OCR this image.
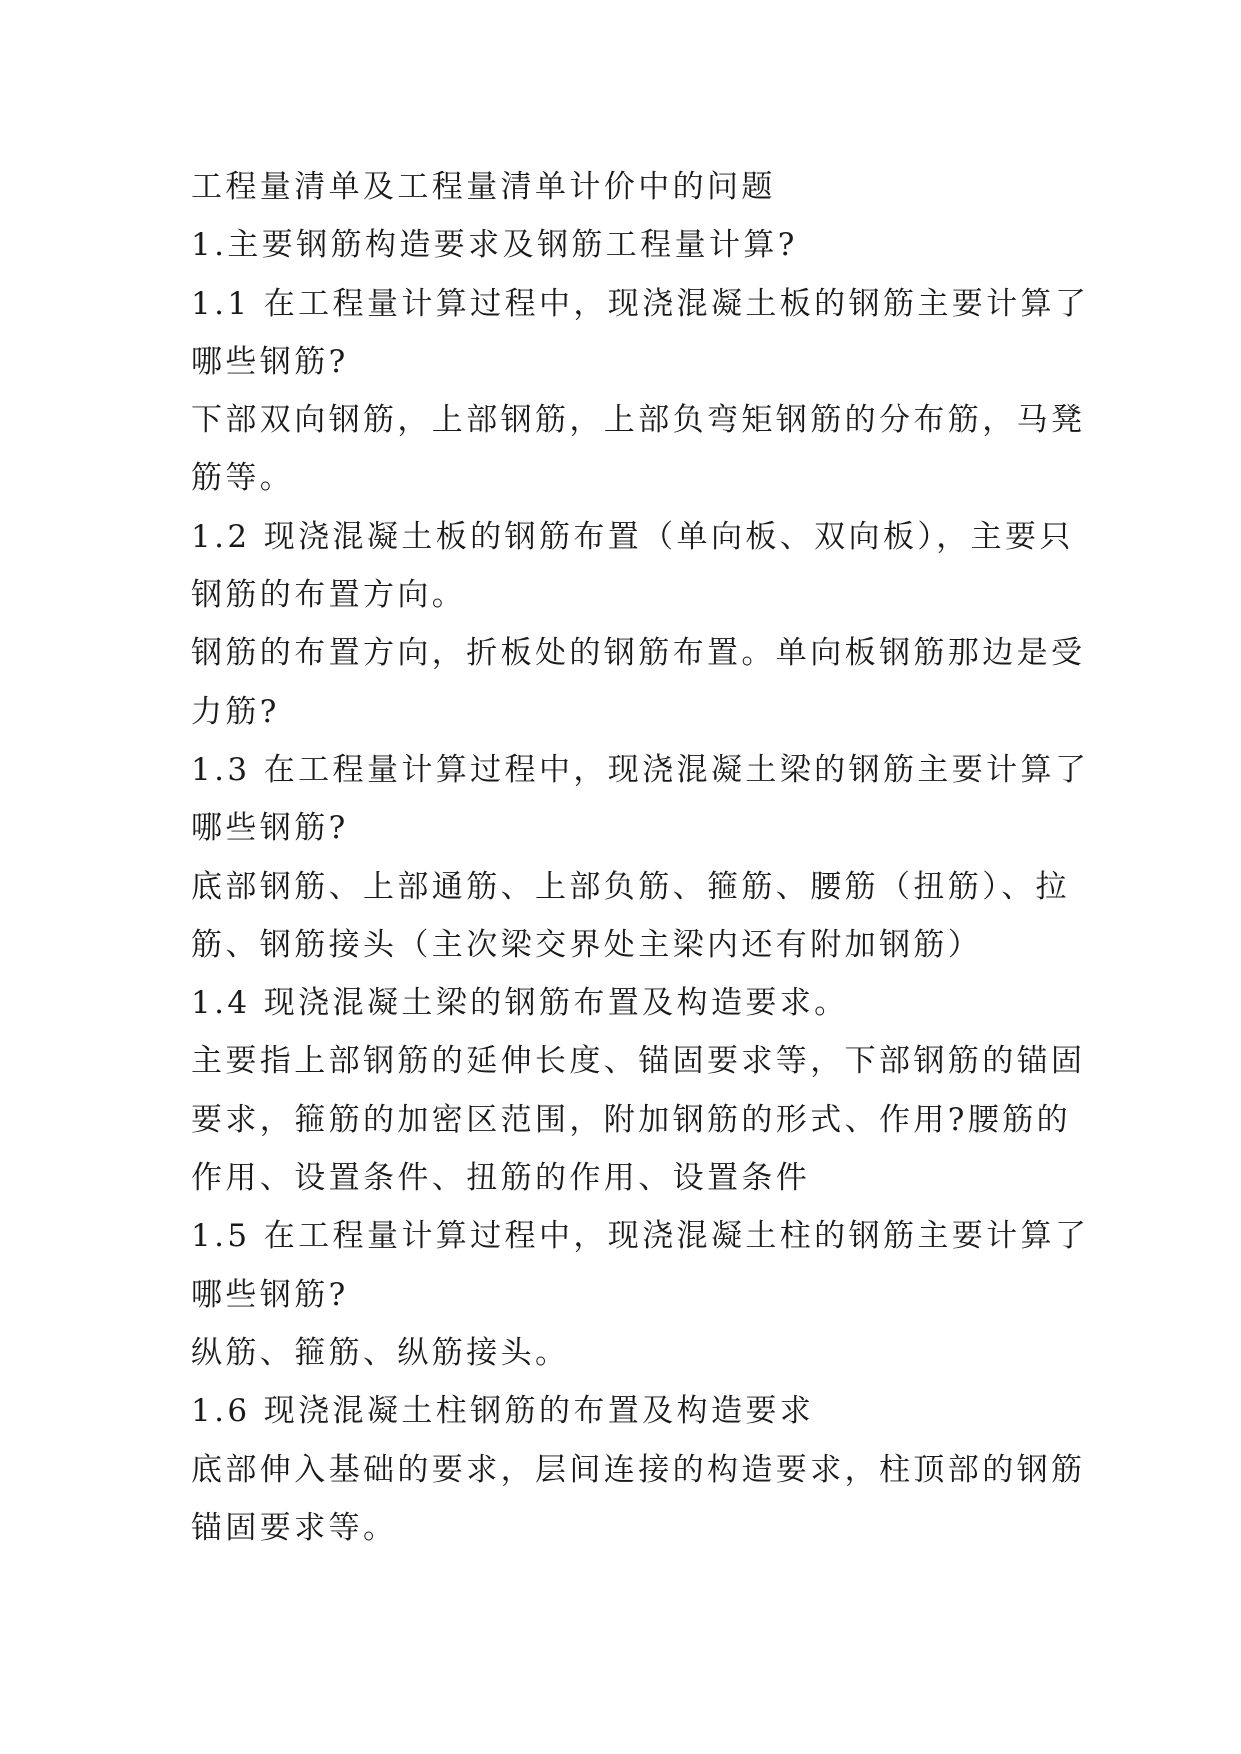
工程量清单及工程量清单计价中的问题
1.主要钢筋构造要求及钢筋工程量计算?
1.1 在工程量计算过程中，现浇混凝土板的钢筋主要计算了
哪些钢筋?
下部双向钢筋，上部钢筋，上部负弯矩钢筋的分布筋，马凳
筋等。
1.2 现浇混凝土板的钢筋布置（单向板、双向板），主要只
钢筋的布置方向。
钢筋的布置方向，折板处的钢筋布置。单向板钢筋那边是受
力筋?
1.3 在工程量计算过程中，现浇混凝土梁的钢筋主要计算了
哪些钢筋?
底部钢筋、上部通筋、上部负筋、箍筋、腰筋（扭筋）、拉
筋、钢筋接头（主次梁交界处主梁内还有附加钢筋）
1.4 现浇混凝土梁的钢筋布置及构造要求。
主要指上部钢筋的延伸长度、锚固要求等，下部钢筋的锚固
要求，箍筋的加密区范围，附加钢筋的形式、作用?腰筋的
作用、设置条件、扭筋的作用、设置条件
1.5 在工程量计算过程中，现浇混凝土柱的钢筋主要计算了
哪些钢筋?
纵筋、箍筋、纵筋接头。
1.6 现浇混凝土柱钢筋的布置及构造要求
底部伸入基础的要求，层间连接的构造要求，柱顶部的钢筋
锚固要求等。
